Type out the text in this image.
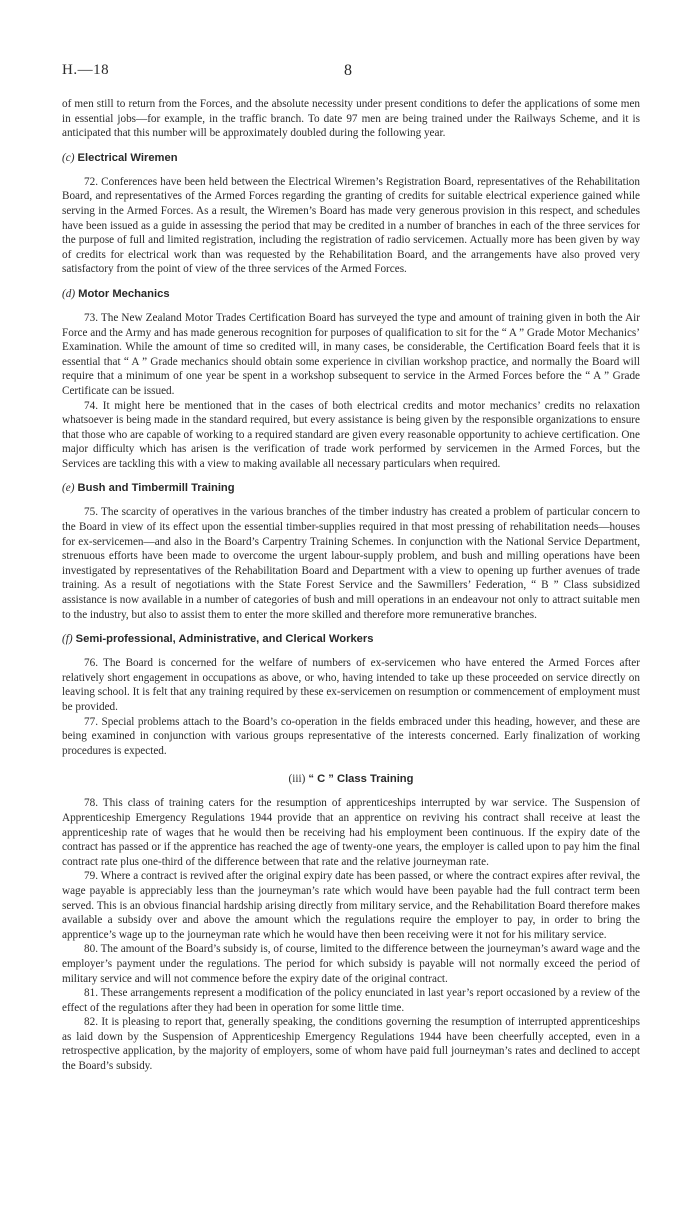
H.—18	8

of men still to return from the Forces, and the absolute necessity under present conditions to defer the applications of some men in essential jobs—for example, in the traffic branch. To date 97 men are being trained under the Railways Scheme, and it is anticipated that this number will be approximately doubled during the following year.

(c) Electrical Wiremen

72. Conferences have been held between the Electrical Wiremen’s Registration Board, representatives of the Rehabilitation Board, and representatives of the Armed Forces regarding the granting of credits for suitable electrical experience gained while serving in the Armed Forces. As a result, the Wiremen’s Board has made very generous provision in this respect, and schedules have been issued as a guide in assessing the period that may be credited in a number of branches in each of the three services for the purpose of full and limited registration, including the registration of radio servicemen. Actually more has been given by way of credits for electrical work than was requested by the Rehabilitation Board, and the arrangements have also proved very satisfactory from the point of view of the three services of the Armed Forces.

(d) Motor Mechanics

73. The New Zealand Motor Trades Certification Board has surveyed the type and amount of training given in both the Air Force and the Army and has made generous recognition for purposes of qualification to sit for the “ A ” Grade Motor Mechanics’ Examination. While the amount of time so credited will, in many cases, be considerable, the Certification Board feels that it is essential that “ A ” Grade mechanics should obtain some experience in civilian workshop practice, and normally the Board will require that a minimum of one year be spent in a workshop subsequent to service in the Armed Forces before the “ A ” Grade Certificate can be issued.

74. It might here be mentioned that in the cases of both electrical credits and motor mechanics’ credits no relaxation whatsoever is being made in the standard required, but every assistance is being given by the responsible organizations to ensure that those who are capable of working to a required standard are given every reasonable opportunity to achieve certification. One major difficulty which has arisen is the verification of trade work performed by servicemen in the Armed Forces, but the Services are tackling this with a view to making available all necessary particulars when required.

(e) Bush and Timbermill Training

75. The scarcity of operatives in the various branches of the timber industry has created a problem of particular concern to the Board in view of its effect upon the essential timber-supplies required in that most pressing of rehabilitation needs—houses for ex-servicemen—and also in the Board’s Carpentry Training Schemes. In conjunction with the National Service Department, strenuous efforts have been made to overcome the urgent labour-supply problem, and bush and milling operations have been investigated by representatives of the Rehabilitation Board and Department with a view to opening up further avenues of trade training. As a result of negotiations with the State Forest Service and the Sawmillers’ Federation, “ B ” Class subsidized assistance is now available in a number of categories of bush and mill operations in an endeavour not only to attract suitable men to the industry, but also to assist them to enter the more skilled and therefore more remunerative branches.

(f) Semi-professional, Administrative, and Clerical Workers

76. The Board is concerned for the welfare of numbers of ex-servicemen who have entered the Armed Forces after relatively short engagement in occupations as above, or who, having intended to take up these proceeded on service directly on leaving school. It is felt that any training required by these ex-servicemen on resumption or commencement of employment must be provided.

77. Special problems attach to the Board’s co-operation in the fields embraced under this heading, however, and these are being examined in conjunction with various groups representative of the interests concerned. Early finalization of working procedures is expected.

(iii) “ C ” Class Training

78. This class of training caters for the resumption of apprenticeships interrupted by war service. The Suspension of Apprenticeship Emergency Regulations 1944 provide that an apprentice on reviving his contract shall receive at least the apprenticeship rate of wages that he would then be receiving had his employment been continuous. If the expiry date of the contract has passed or if the apprentice has reached the age of twenty-one years, the employer is called upon to pay him the final contract rate plus one-third of the difference between that rate and the relative journeyman rate.

79. Where a contract is revived after the original expiry date has been passed, or where the contract expires after revival, the wage payable is appreciably less than the journeyman’s rate which would have been payable had the full contract term been served. This is an obvious financial hardship arising directly from military service, and the Rehabilitation Board therefore makes available a subsidy over and above the amount which the regulations require the employer to pay, in order to bring the apprentice’s wage up to the journeyman rate which he would have then been receiving were it not for his military service.

80. The amount of the Board’s subsidy is, of course, limited to the difference between the journeyman’s award wage and the employer’s payment under the regulations. The period for which subsidy is payable will not normally exceed the period of military service and will not commence before the expiry date of the original contract.

81. These arrangements represent a modification of the policy enunciated in last year’s report occasioned by a review of the effect of the regulations after they had been in operation for some little time.

82. It is pleasing to report that, generally speaking, the conditions governing the resumption of interrupted apprenticeships as laid down by the Suspension of Apprenticeship Emergency Regulations 1944 have been cheerfully accepted, even in a retrospective application, by the majority of employers, some of whom have paid full journeyman’s rates and declined to accept the Board’s subsidy.
